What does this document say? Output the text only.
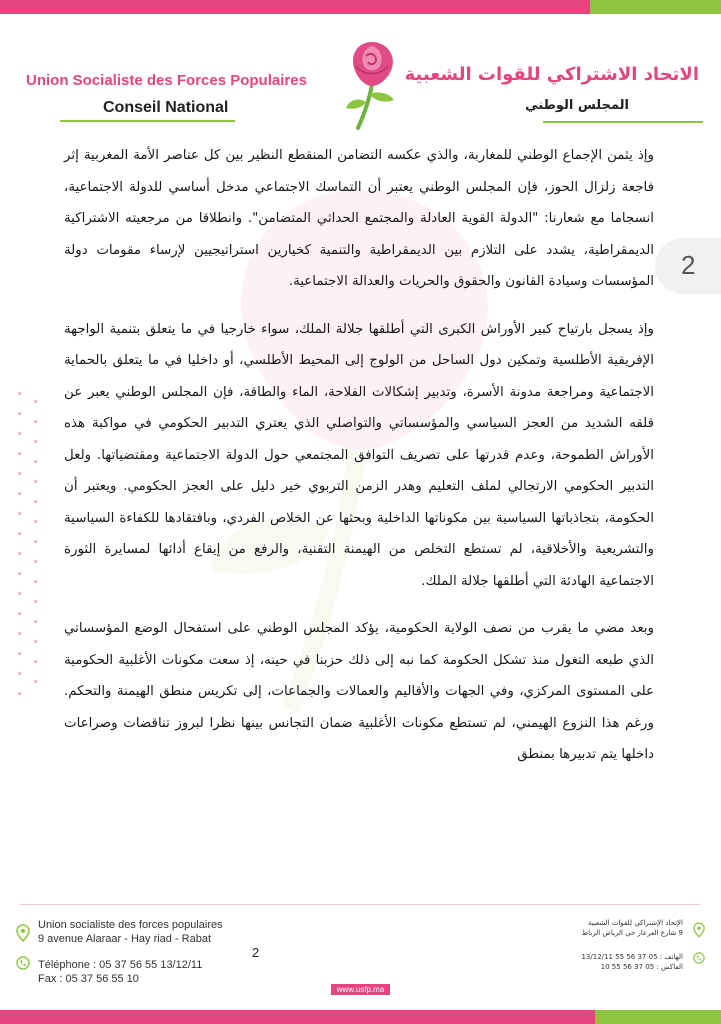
Union Socialiste des Forces Populaires
Conseil National
الاتحاد الاشتراكي للقوات الشعبية
المجلس الوطني
2

وإذ يثمن الإجماع الوطني للمغاربة، والذي عكسه التضامن المنقطع النظير بين كل عناصر الأمة المغربية إثر فاجعة زلزال الحوز، فإن المجلس الوطني يعتبر أن التماسك الاجتماعي مدخل أساسي للدولة الاجتماعية، انسجاما مع شعارنا: "الدولة القوية العادلة والمجتمع الحداثي المتضامن". وانطلاقا من مرجعيته الاشتراكية الديمقراطية، يشدد على التلازم بين الديمقراطية والتنمية كخيارين استراتيجيين لإرساء مقومات دولة المؤسسات وسيادة القانون والحقوق والحريات والعدالة الاجتماعية.

وإذ يسجل بارتياح كبير الأوراش الكبرى التي أطلقها جلالة الملك، سواء خارجيا في ما يتعلق بتنمية الواجهة الإفريقية الأطلسية وتمكين دول الساحل من الولوج إلى المحيط الأطلسي، أو داخليا في ما يتعلق بالحماية الاجتماعية ومراجعة مدونة الأسرة، وتدبير إشكالات الفلاحة، الماء والطاقة، فإن المجلس الوطني يعبر عن قلقه الشديد من العجز السياسي والمؤسساتي والتواصلي الذي يعتري التدبير الحكومي في مواكبة هذه الأوراش الطموحة، وعدم قدرتها على تصريف التوافق المجتمعي حول الدولة الاجتماعية ومقتضياتها. ولعل التدبير الحكومي الارتجالي لملف التعليم وهدر الزمن التربوي خير دليل على العجز الحكومي. ويعتبر أن الحكومة، بتجاذباتها السياسية بين مكوناتها الداخلية وبحثها عن الخلاص الفردي، وبافتقادها للكفاءة السياسية والتشريعية والأخلاقية، لم تستطع التخلص من الهيمنة التقنية، والرفع من إيقاع أدائها لمسايرة الثورة الاجتماعية الهادئة التي أطلقها جلالة الملك.

وبعد مضي ما يقرب من نصف الولاية الحكومية، يؤكد المجلس الوطني على استفحال الوضع المؤسساتي الذي طبعه التغول منذ تشكل الحكومة كما نبه إلى ذلك حزبنا في حينه، إذ سعت مكونات الأغلبية الحكومية على المستوى المركزي، وفي الجهات والأقاليم والعمالات والجماعات، إلى تكريس منطق الهيمنة والتحكم. ورغم هذا النزوع الهيمني، لم تستطع مكونات الأغلبية ضمان التجانس بينها نظرا لبروز تناقضات وصراعات داخلها يتم تدبيرها بمنطق

Union socialiste des forces populaires
9 avenue Alaraar - Hay riad - Rabat
Téléphone : 05 37 56 55 13/12/11
Fax : 05 37 56 55 10
2
الإتحاد الإشتراكي للقوات الشعبية
9 شارع العرعار حي الرياض الرباط
الهاتف : 05 37 56 55 13/12/11
الفاكس : 05 37 56 55 10
www.usfp.ma
